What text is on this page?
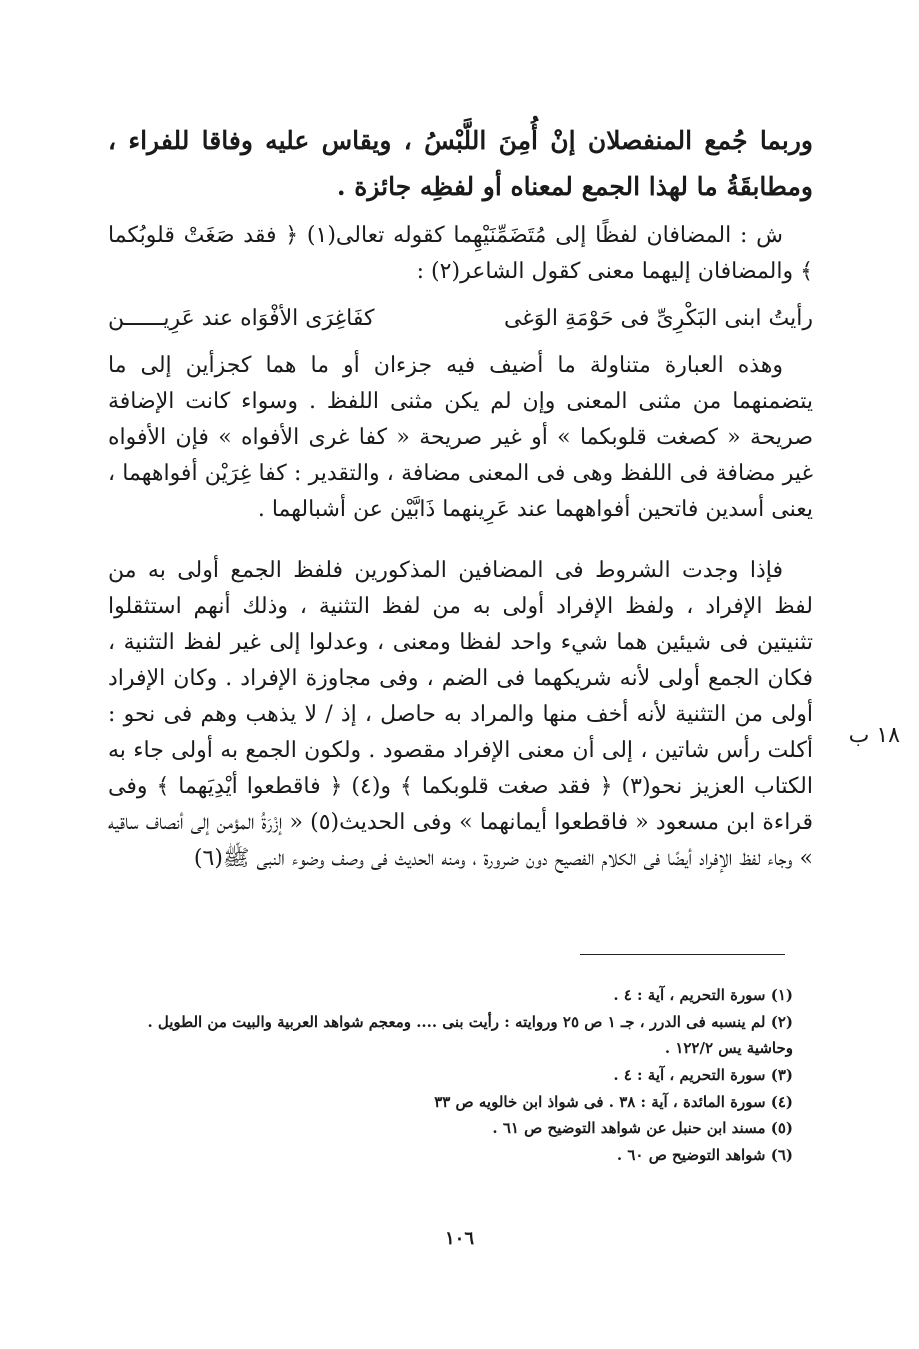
وربما جُمع المنفصلان إنْ أُمِنَ اللَّبْسُ ، ويقاس عليه وفاقا للفراء ، ومطابقَةُ ما لهذا الجمع لمعناه أو لفظِه جائزة .
ش : المضافان لفظًا إلى مُتَضَمِّنَيْهِما كقوله تعالى(١) ﴿ فقد صَغَتْ قلوبُكما ﴾ والمضافان إليهما معنى كقول الشاعر(٢) :
رأيتُ ابنى البَكْرِىِّ فى حَوْمَةِ الوَغى
كفَاغِرَى الأفْوَاه عند عَرِيــــــن
وهذه العبارة متناولة ما أضيف فيه جزءان أو ما هما كجزأين إلى ما يتضمنهما من مثنى المعنى وإن لم يكن مثنى اللفظ . وسواء كانت الإضافة صريحة « كصغت قلوبكما » أو غير صريحة « كفا غرى الأفواه » فإن الأفواه غير مضافة فى اللفظ وهى فى المعنى مضافة ، والتقدير : كفا غِرَيْن أفواههما ، يعنى أسدين فاتحين أفواههما عند عَرِينهما ذَابَّيْن عن أشبالهما .
فإذا وجدت الشروط فى المضافين المذكورين فلفظ الجمع أولى به من لفظ الإفراد ، ولفظ الإفراد أولى به من لفظ التثنية ، وذلك أنهم استثقلوا تثنيتين فى شيئين هما شيء واحد لفظا ومعنى ، وعدلوا إلى غير لفظ التثنية ، فكان الجمع أولى لأنه شريكهما فى الضم ، وفى مجاوزة الإفراد . وكان الإفراد أولى من التثنية لأنه أخف منها والمراد به حاصل ، إذ / لا يذهب وهم فى نحو : أكلت رأس شاتين ، إلى أن معنى الإفراد مقصود . ولكون الجمع به أولى جاء به الكتاب العزيز نحو(٣) ﴿ فقد صغت قلوبكما ﴾ و(٤) ﴿ فاقطعوا أيْدِيَهما ﴾ وفى قراءة ابن مسعود « فاقطعوا أيمانهما » وفى الحديث(٥) « إزْرَةُ المؤمن إلى أنصاف ساقيه » وجاء لفظ الإفراد أيضًا فى الكلام الفصيح دون ضرورة ، ومنه الحديث فى وصف وضوء النبى ﷺ(٦)
١٨ ب
(١) سورة التحريم ، آية : ٤ .
(٢) لم ينسبه فى الدرر ، جـ ١ ص ٢٥ وروايته : رأيت بنى .... ومعجم شواهد العربية والبيت من الطويل .
وحاشية يس ١٢٢/٢ .
(٣) سورة التحريم ، آية : ٤ .
(٤) سورة المائدة ، آية : ٣٨ . فى شواذ ابن خالويه ص ٣٣
(٥) مسند ابن حنبل عن شواهد التوضيح ص ٦١ .
(٦) شواهد التوضيح ص ٦٠ .
١٠٦
